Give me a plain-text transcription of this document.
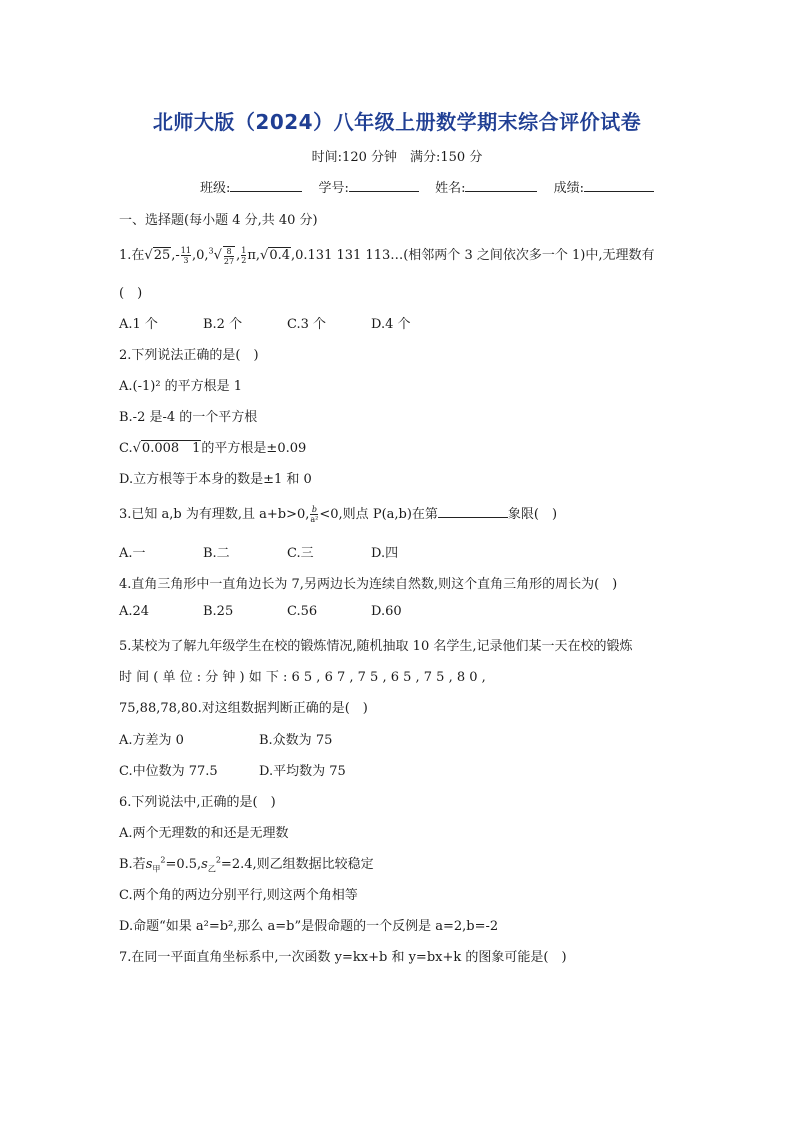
北师大版（2024）八年级上册数学期末综合评价试卷
时间:120 分钟　满分:150 分
班级:	学号:	姓名:	成绩:
一、选择题(每小题 4 分,共 40 分)
1.在$√25,- \frac{11}{3} ,0,^3√ \frac{8}{27}$ , $\frac{1}{2} \pi,√0.4,0.131$ 131 113…(相邻两个 3 之间依次多一个 1)中,无理数有
(　)
A.1 个	B.2 个	C.3 个	D.4 个
2.下列说法正确的是(　)
A.(-1)² 的平方根是 1
B.-2 是-4 的一个平方根
C.√0.008　1的平方根是±0.09
D.立方根等于本身的数是±1 和 0
3.已知 a,b 为有理数,且 a+b>0, $\frac{b}{\text{a²}} <0$,则点 P(a,b)在第	象限(　)
A.一	B.二	C.三	D.四
4.直角三角形中一直角边长为 7,另两边长为连续自然数,则这个直角三角形的周长为(　)
A.24	B.25	C.56	D.60
5.某校为了解九年级学生在校的锻炼情况,随机抽取 10 名学生,记录他们某一天在校的锻炼
时 间 ( 单 位 : 分 钟 ) 如 下 : 6 5 , 6 7 , 7 5 , 6 5 , 7 5 , 8 0 ,
75,88,78,80.对这组数据判断正确的是(　)
A.方差为 0	B.众数为 75
C.中位数为 77.5	D.平均数为 75
6.下列说法中,正确的是(　)
A.两个无理数的和还是无理数
B.若$s_甲^2=0.5,s_乙^2=2.4$,则乙组数据比较稳定
C.两个角的两边分别平行,则这两个角相等
D.命题“如果 a²=b²,那么 a=b”是假命题的一个反例是 a=2,b=-2
7.在同一平面直角坐标系中,一次函数 y=kx+b 和 y=bx+k 的图象可能是(　)
